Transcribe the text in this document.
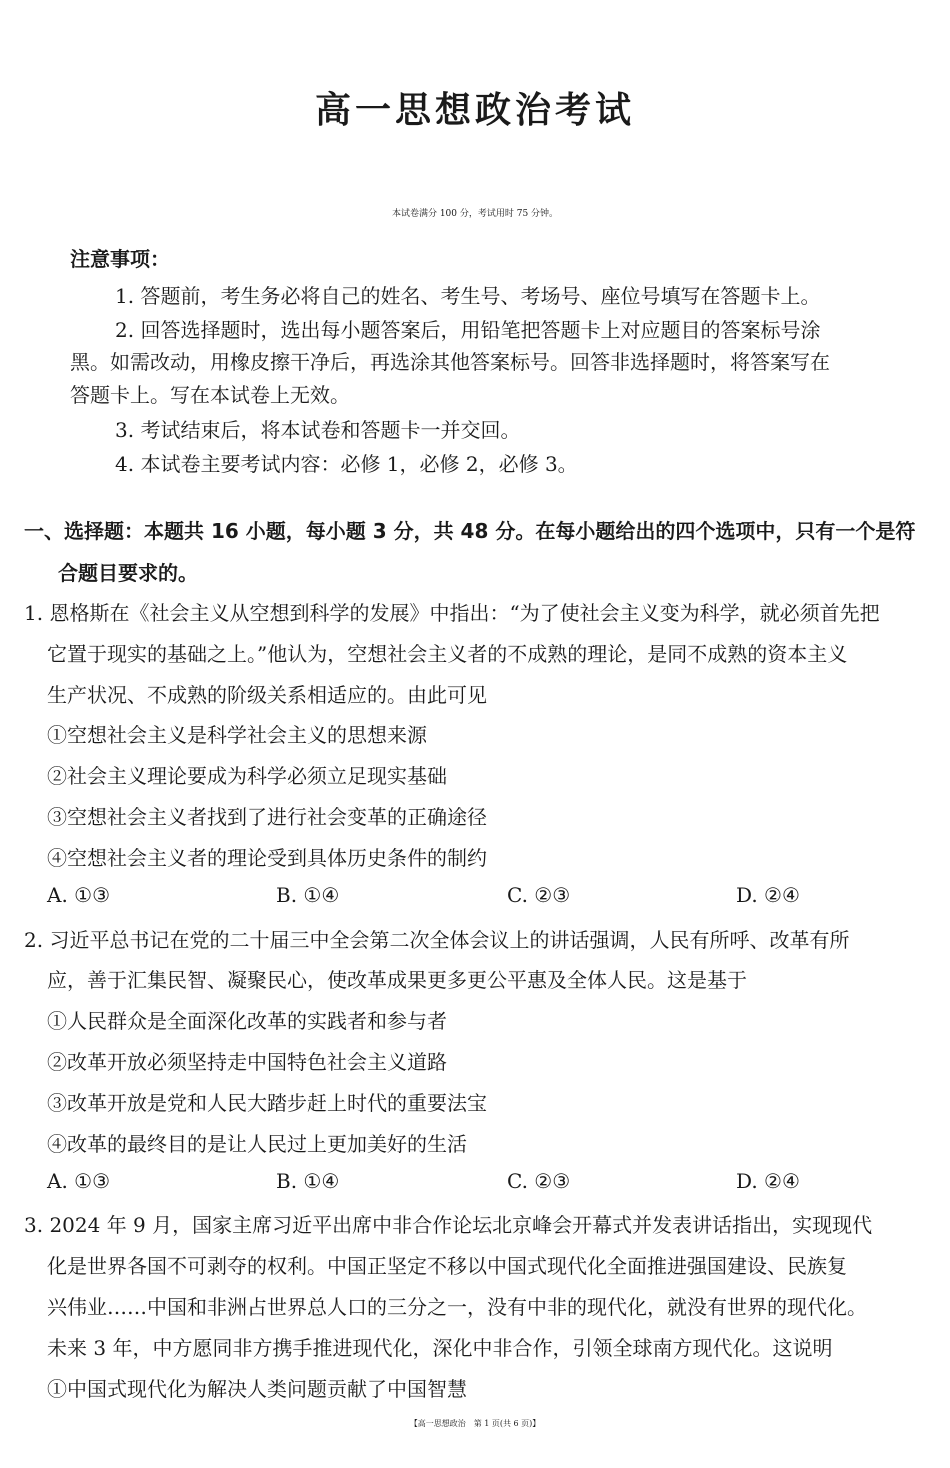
高一思想政治考试
本试卷满分 100 分，考试用时 75 分钟。
注意事项：
1. 答题前，考生务必将自己的姓名、考生号、考场号、座位号填写在答题卡上。
2. 回答选择题时，选出每小题答案后，用铅笔把答题卡上对应题目的答案标号涂
黑。如需改动，用橡皮擦干净后，再选涂其他答案标号。回答非选择题时，将答案写在
答题卡上。写在本试卷上无效。
3. 考试结束后，将本试卷和答题卡一并交回。
4. 本试卷主要考试内容：必修 1，必修 2，必修 3。
一、选择题：本题共 16 小题，每小题 3 分，共 48 分。在每小题给出的四个选项中，只有一个是符
合题目要求的。
1. 恩格斯在《社会主义从空想到科学的发展》中指出：“为了使社会主义变为科学，就必须首先把
它置于现实的基础之上。”他认为，空想社会主义者的不成熟的理论，是同不成熟的资本主义
生产状况、不成熟的阶级关系相适应的。由此可见
①空想社会主义是科学社会主义的思想来源
②社会主义理论要成为科学必须立足现实基础
③空想社会主义者找到了进行社会变革的正确途径
④空想社会主义者的理论受到具体历史条件的制约
A. ①③	B. ①④	C. ②③	D. ②④
2. 习近平总书记在党的二十届三中全会第二次全体会议上的讲话强调，人民有所呼、改革有所
应，善于汇集民智、凝聚民心，使改革成果更多更公平惠及全体人民。这是基于
①人民群众是全面深化改革的实践者和参与者
②改革开放必须坚持走中国特色社会主义道路
③改革开放是党和人民大踏步赶上时代的重要法宝
④改革的最终目的是让人民过上更加美好的生活
A. ①③	B. ①④	C. ②③	D. ②④
3. 2024 年 9 月，国家主席习近平出席中非合作论坛北京峰会开幕式并发表讲话指出，实现现代
化是世界各国不可剥夺的权利。中国正坚定不移以中国式现代化全面推进强国建设、民族复
兴伟业……中国和非洲占世界总人口的三分之一，没有中非的现代化，就没有世界的现代化。
未来 3 年，中方愿同非方携手推进现代化，深化中非合作，引领全球南方现代化。这说明
①中国式现代化为解决人类问题贡献了中国智慧
【高一思想政治　第 1 页(共 6 页)】
